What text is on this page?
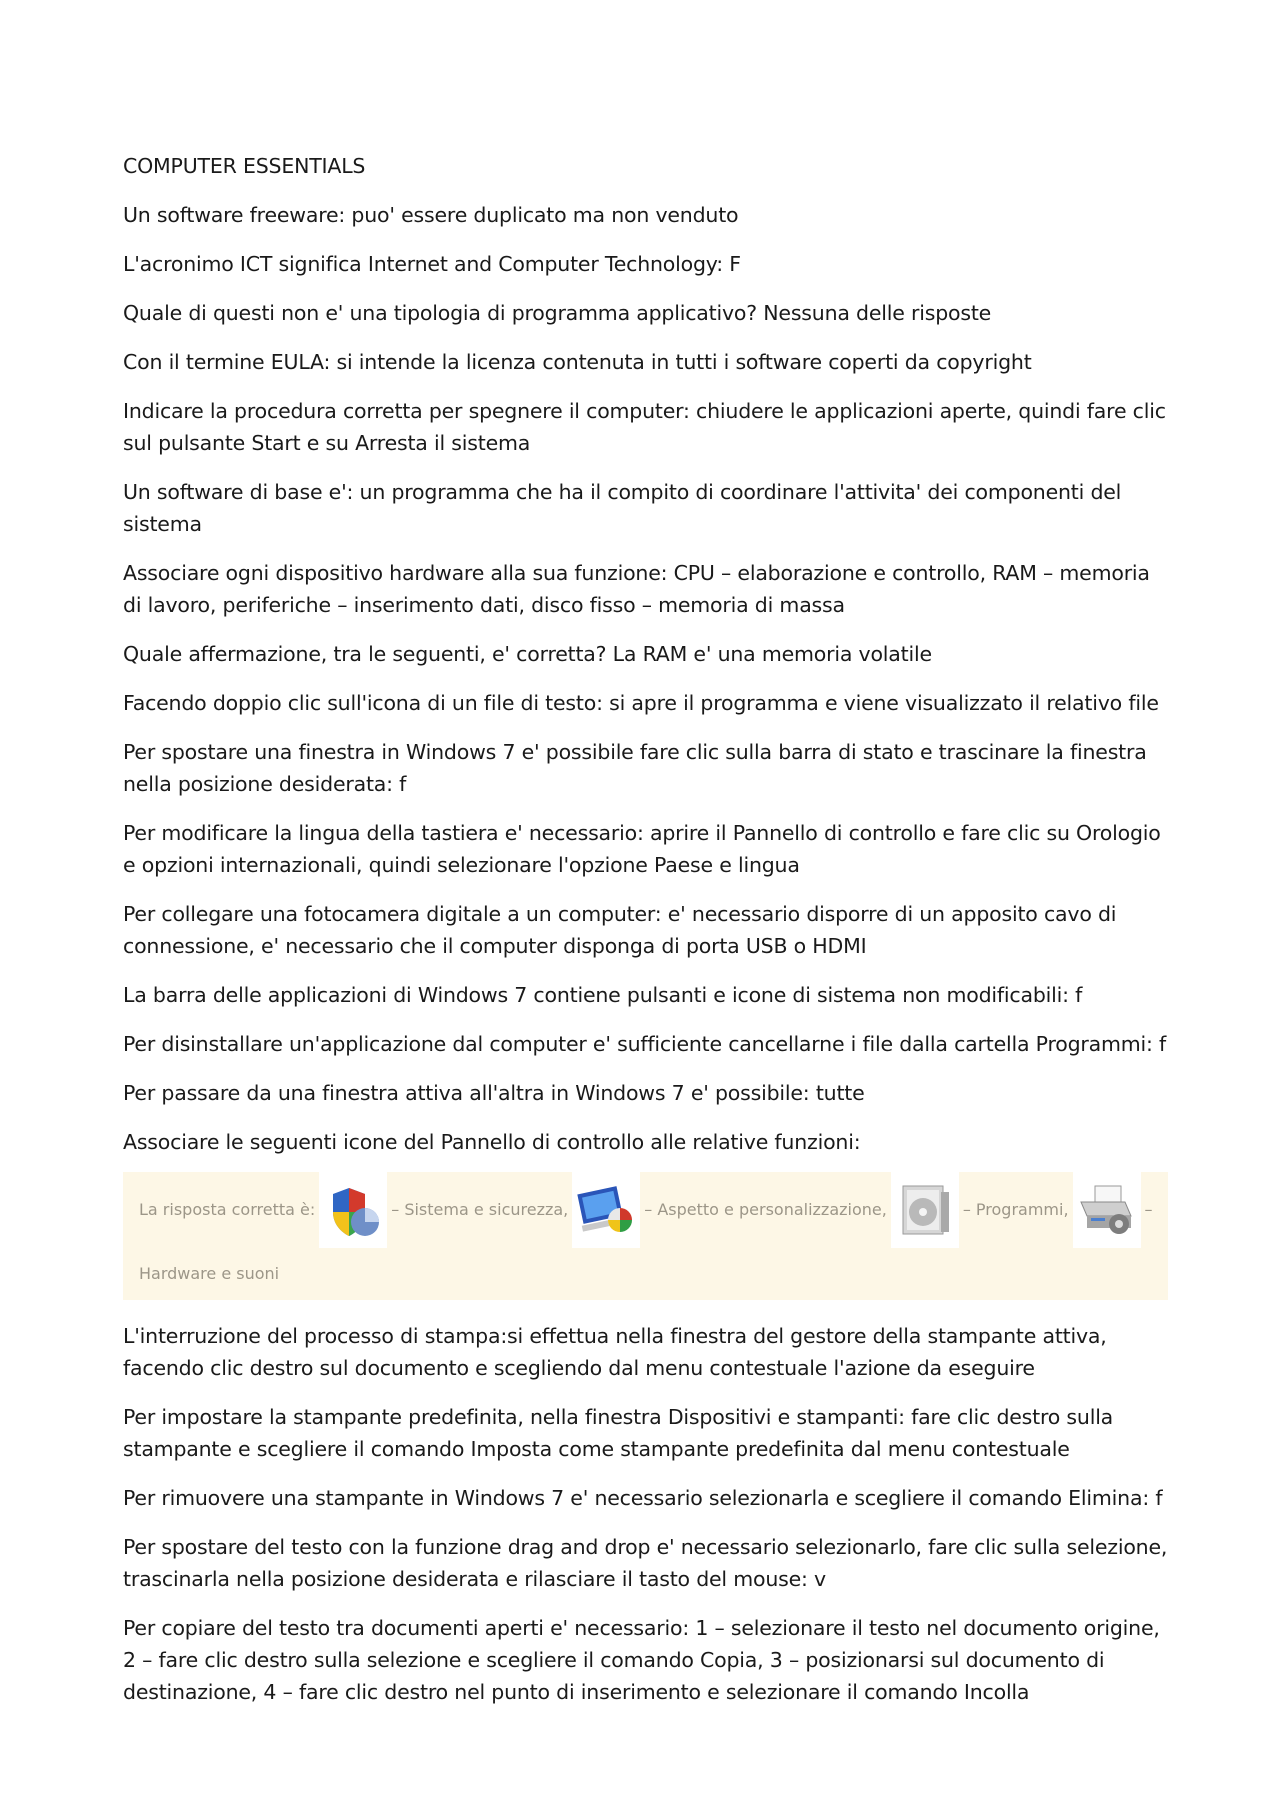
COMPUTER ESSENTIALS

Un software freeware: puo' essere duplicato ma non venduto

L'acronimo ICT significa Internet and Computer Technology: F

Quale di questi non e' una tipologia di programma applicativo? Nessuna delle risposte

Con il termine EULA: si intende la licenza contenuta in tutti i software coperti da copyright

Indicare la procedura corretta per spegnere il computer: chiudere le applicazioni aperte, quindi fare clic sul pulsante Start e su Arresta il sistema

Un software di base e': un programma che ha il compito di coordinare l'attivita' dei componenti del sistema

Associare ogni dispositivo hardware alla sua funzione: CPU – elaborazione e controllo, RAM – memoria di lavoro, periferiche – inserimento dati, disco fisso – memoria di massa

Quale affermazione, tra le seguenti, e' corretta? La RAM e' una memoria volatile

Facendo doppio clic sull'icona di un file di testo: si apre il programma e viene visualizzato il relativo file

Per spostare una finestra in Windows 7 e' possibile fare clic sulla barra di stato e trascinare la finestra nella posizione desiderata: f

Per modificare la lingua della tastiera e' necessario: aprire il Pannello di controllo e fare clic su Orologio e opzioni internazionali, quindi selezionare l'opzione Paese e lingua

Per collegare una fotocamera digitale a un computer: e' necessario disporre di un apposito cavo di connessione, e' necessario che il computer disponga di porta USB o HDMI

La barra delle applicazioni di Windows 7 contiene pulsanti e icone di sistema non modificabili: f

Per disinstallare un'applicazione dal computer e' sufficiente cancellarne i file dalla cartella Programmi: f

Per passare da una finestra attiva all'altra in Windows 7 e' possibile: tutte

Associare le seguenti icone del Pannello di controllo alle relative funzioni:

La risposta corretta è:	– Sistema e sicurezza,	– Aspetto e personalizzazione,	– Programmi,	–
Hardware e suoni

L'interruzione del processo di stampa:si effettua nella finestra del gestore della stampante attiva, facendo clic destro sul documento e scegliendo dal menu contestuale l'azione da eseguire

Per impostare la stampante predefinita, nella finestra Dispositivi e stampanti: fare clic destro sulla stampante e scegliere il comando Imposta come stampante predefinita dal menu contestuale

Per rimuovere una stampante in Windows 7 e' necessario selezionarla e scegliere il comando Elimina: f

Per spostare del testo con la funzione drag and drop e' necessario selezionarlo, fare clic sulla selezione, trascinarla nella posizione desiderata e rilasciare il tasto del mouse: v

Per copiare del testo tra documenti aperti e' necessario: 1 – selezionare il testo nel documento origine, 2 – fare clic destro sulla selezione e scegliere il comando Copia, 3 – posizionarsi sul documento di destinazione, 4 – fare clic destro nel punto di inserimento e selezionare il comando Incolla
